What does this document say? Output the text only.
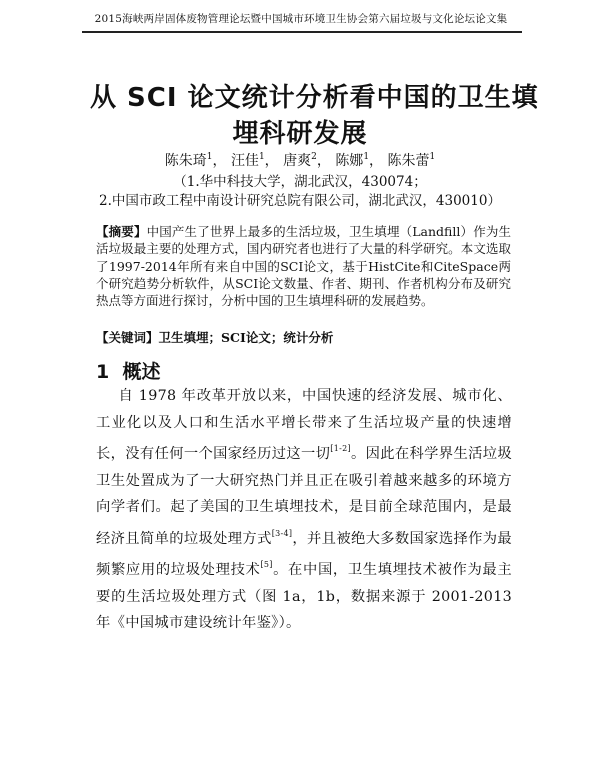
2015海峡两岸固体废物管理论坛暨中国城市环境卫生协会第六届垃圾与文化论坛论文集
从 SCI 论文统计分析看中国的卫生填
埋科研发展
陈朱琦$^1$， 汪佳$^1$， 唐爽$^2$， 陈娜$^1$， 陈朱蕾$^1$
（1.华中科技大学，湖北武汉，430074；
2.中国市政工程中南设计研究总院有限公司，湖北武汉，430010）
【摘要】中国产生了世界上最多的生活垃圾，卫生填埋（Landfill）作为生活垃圾最主要的处理方式，国内研究者也进行了大量的科学研究。本文选取了1997-2014年所有来自中国的SCI论文，基于HistCite和CiteSpace两个研究趋势分析软件，从SCI论文数量、作者、期刊、作者机构分布及研究热点等方面进行探讨，分析中国的卫生填埋科研的发展趋势。
【关键词】卫生填埋；SCI论文；统计分析
1 概述
  自 1978 年改革开放以来，中国快速的经济发展、城市化、工业化以及人口和生活水平增长带来了生活垃圾产量的快速增长，没有任何一个国家经历过这一切[1-2]。因此在科学界生活垃圾卫生处置成为了一大研究热门并且正在吸引着越来越多的环境方向学者们。起了美国的卫生填埋技术，是目前全球范围内，是最经济且简单的垃圾处理方式[3-4]，并且被绝大多数国家选择作为最频繁应用的垃圾处理技术[5]。在中国，卫生填埋技术被作为最主要的生活垃圾处理方式（图 1a，1b，数据来源于 2001-2013 年《中国城市建设统计年鉴》）。
